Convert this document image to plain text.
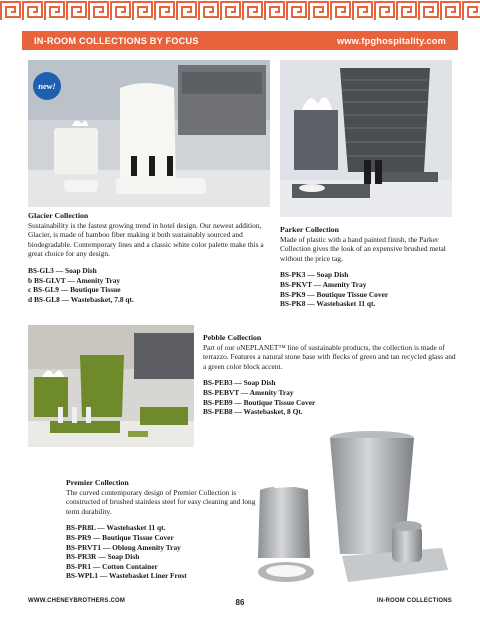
IN-ROOM COLLECTIONS BY FOCUS	www.fpghospitality.com
new!
Glacier Collection
Sustainability is the fastest growing trend in hotel design. Our newest addition, Glacier, is made of bamboo fiber making it both sustainably sourced and biodegradable. Contemporary lines and a classic white color palette make this a great choice for any design.
BS-GL3 — Soap Dish
b BS-GLVT — Amenity Tray
c BS-GL9 — Boutique Tissue
d BS-GL8 — Wastebasket, 7.8 qt.
Parker Collection
Made of plastic with a hand painted finish, the Parker Collection gives the look of an expensive brushed metal without the price tag.
BS-PK3 — Soap Dish
BS-PKVT — Amenity Tray
BS-PK9 — Boutique Tissue Cover
BS-PK8 — Wastebasket 11 qt.
Pebble Collection
Part of our oNEPLANET™ line of sustainable products, the collection is made of terrazzo. Features a natural stone base with flecks of green and tan recycled glass and a green color block accent.
BS-PEB3 — Soap Dish
BS-PEBVT — Amenity Tray
BS-PEB9 — Boutique Tissue Cover
BS-PEB8 — Wastebasket, 8 Qt.
Premier Collection
The curved contemporary design of Premier Collection is constructed of brushed stainless steel for easy cleaning and long term durability.
BS-PR8L — Wastebasket 11 qt.
BS-PR9 — Boutique Tissue Cover
BS-PRVT1 — Oblong Amenity Tray
BS-PR3R — Soap Dish
BS-PR1 — Cotton Container
BS-WPL1 — Wastebasket Liner Frost
WWW.CHENEYBROTHERS.COM	86	IN-ROOM COLLECTIONS
